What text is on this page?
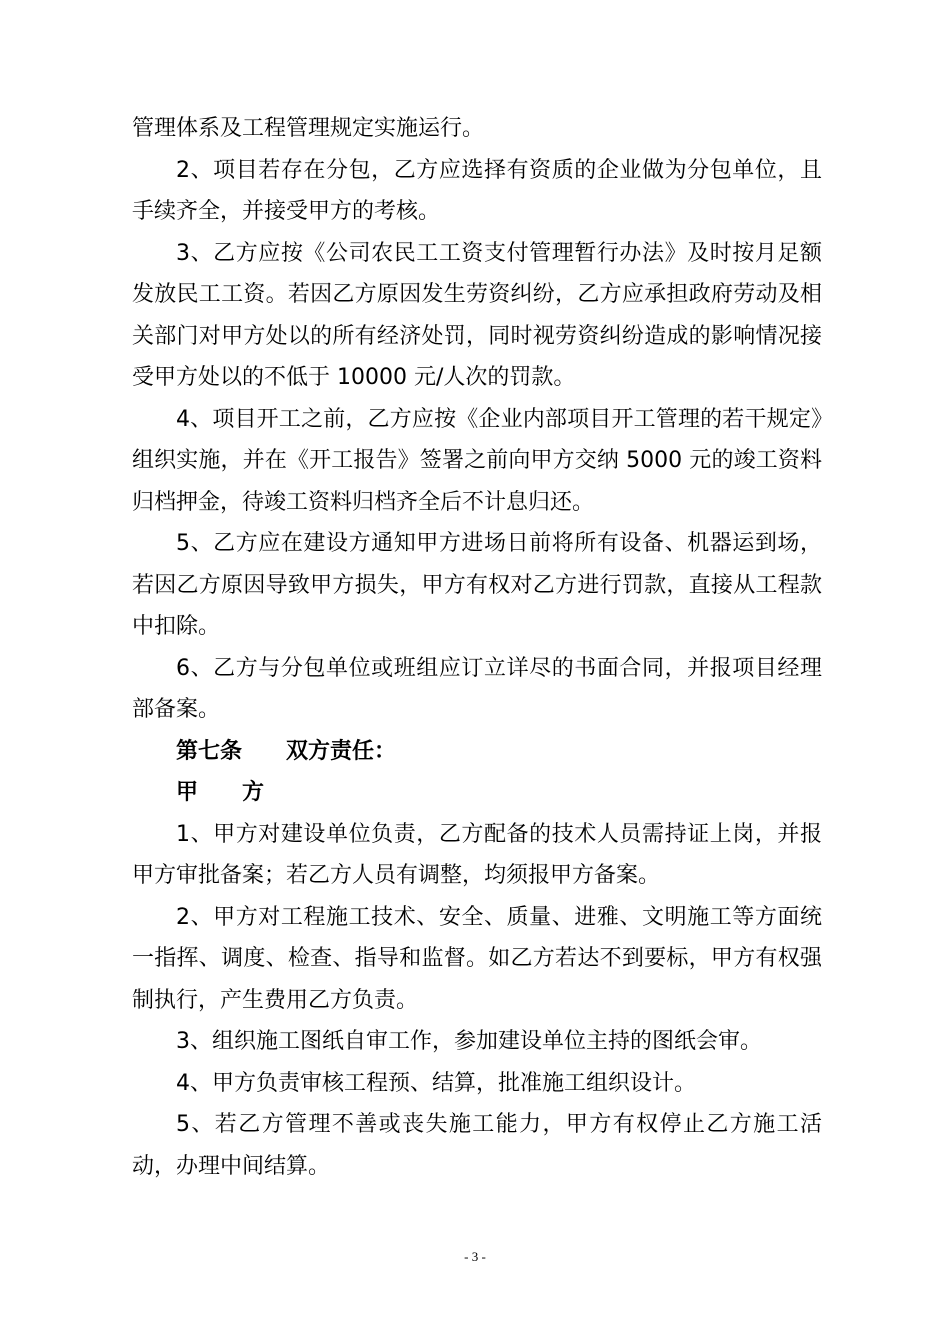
管理体系及工程管理规定实施运行。

2、项目若存在分包，乙方应选择有资质的企业做为分包单位，且手续齐全，并接受甲方的考核。

3、乙方应按《公司农民工工资支付管理暂行办法》及时按月足额发放民工工资。若因乙方原因发生劳资纠纷，乙方应承担政府劳动及相关部门对甲方处以的所有经济处罚，同时视劳资纠纷造成的影响情况接受甲方处以的不低于 10000 元/人次的罚款。

4、项目开工之前，乙方应按《企业内部项目开工管理的若干规定》组织实施，并在《开工报告》签署之前向甲方交纳 5000 元的竣工资料归档押金，待竣工资料归档齐全后不计息归还。

5、乙方应在建设方通知甲方进场日前将所有设备、机器运到场，若因乙方原因导致甲方损失，甲方有权对乙方进行罚款，直接从工程款中扣除。

6、乙方与分包单位或班组应订立详尽的书面合同，并报项目经理部备案。

第七条　　双方责任：

甲　　方

1、甲方对建设单位负责，乙方配备的技术人员需持证上岗，并报甲方审批备案；若乙方人员有调整，均须报甲方备案。

2、甲方对工程施工技术、安全、质量、进雅、文明施工等方面统一指挥、调度、检查、指导和监督。如乙方若达不到要标，甲方有权强制执行，产生费用乙方负责。

3、组织施工图纸自审工作，参加建设单位主持的图纸会审。

4、甲方负责审核工程预、结算，批准施工组织设计。

5、若乙方管理不善或丧失施工能力，甲方有权停止乙方施工活动，办理中间结算。

- 3 -
